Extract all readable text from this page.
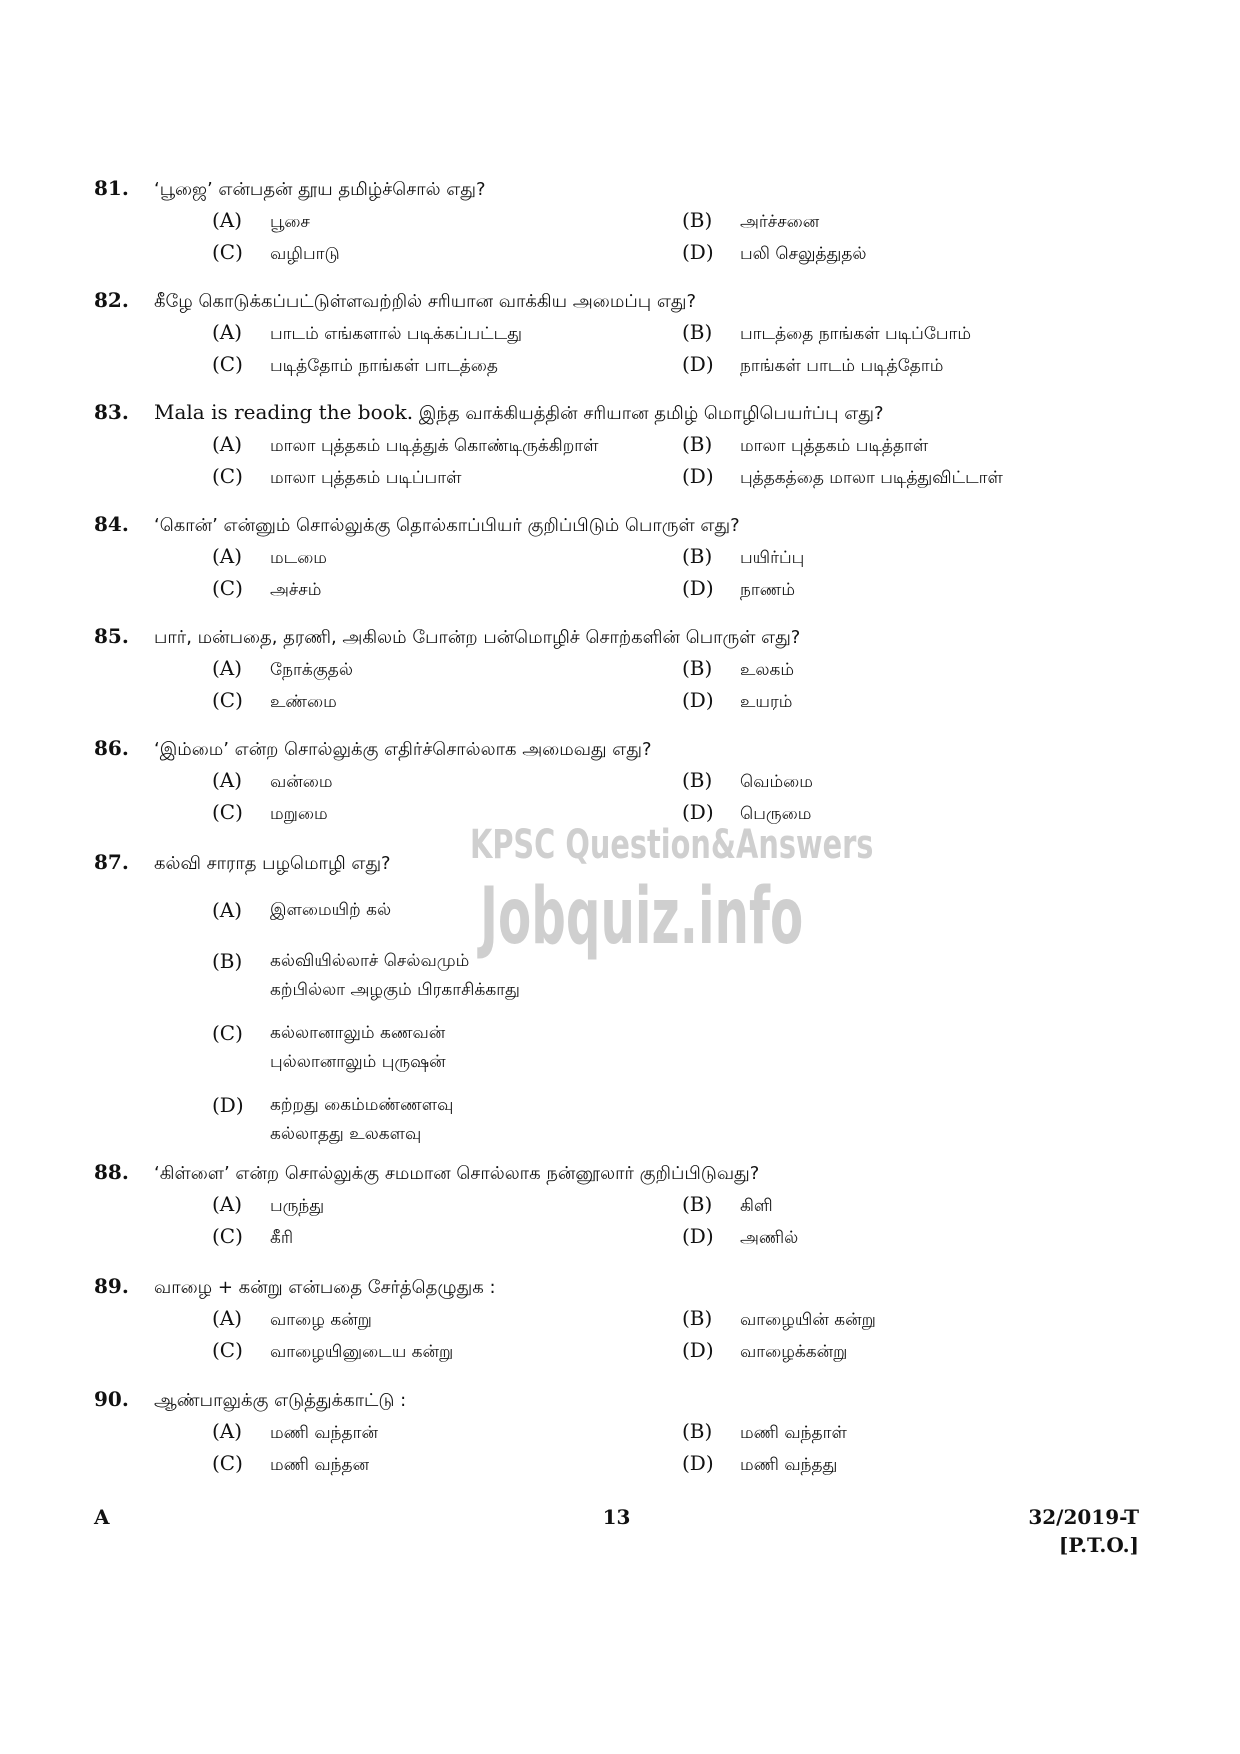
81.	‘பூஜை’ என்பதன் தூய தமிழ்ச்சொல் எது?
(A)	பூசை	(B)	அர்ச்சனை
(C)	வழிபாடு	(D)	பலி செலுத்துதல்
82.	கீழே கொடுக்கப்பட்டுள்ளவற்றில் சரியான வாக்கிய அமைப்பு எது?
(A)	பாடம் எங்களால் படிக்கப்பட்டது	(B)	பாடத்தை நாங்கள் படிப்போம்
(C)	படித்தோம் நாங்கள் பாடத்தை	(D)	நாங்கள் பாடம் படித்தோம்
83.	Mala is reading the book. இந்த வாக்கியத்தின் சரியான தமிழ் மொழிபெயர்ப்பு எது?
(A)	மாலா புத்தகம் படித்துக் கொண்டிருக்கிறாள்	(B)	மாலா புத்தகம் படித்தாள்
(C)	மாலா புத்தகம் படிப்பாள்	(D)	புத்தகத்தை மாலா படித்துவிட்டாள்
84.	‘கொன்’ என்னும் சொல்லுக்கு தொல்காப்பியர் குறிப்பிடும் பொருள் எது?
(A)	மடமை	(B)	பயிர்ப்பு
(C)	அச்சம்	(D)	நாணம்
85.	பார், மன்பதை, தரணி, அகிலம் போன்ற பன்மொழிச் சொற்களின் பொருள் எது?
(A)	நோக்குதல்	(B)	உலகம்
(C)	உண்மை	(D)	உயரம்
86.	‘இம்மை’ என்ற சொல்லுக்கு எதிர்ச்சொல்லாக அமைவது எது?
(A)	வன்மை	(B)	வெம்மை
(C)	மறுமை	(D)	பெருமை
KPSC Question&Answers
Jobquiz.info
87.	கல்வி சாராத பழமொழி எது?
(A)	இளமையிற் கல்
(B)	கல்வியில்லாச் செல்வமும்
கற்பில்லா அழகும் பிரகாசிக்காது
(C)	கல்லானாலும் கணவன்
புல்லானாலும் புருஷன்
(D)	கற்றது கைம்மண்ணளவு
கல்லாதது உலகளவு
88.	‘கிள்ளை’ என்ற சொல்லுக்கு சமமான சொல்லாக நன்னூலார் குறிப்பிடுவது?
(A)	பருந்து	(B)	கிளி
(C)	கீரி	(D)	அணில்
89.	வாழை + கன்று என்பதை சேர்த்தெழுதுக :
(A)	வாழை கன்று	(B)	வாழையின் கன்று
(C)	வாழையினுடைய கன்று	(D)	வாழைக்கன்று
90.	ஆண்பாலுக்கு எடுத்துக்காட்டு :
(A)	மணி வந்தான்	(B)	மணி வந்தாள்
(C)	மணி வந்தன	(D)	மணி வந்தது
A	13	32/2019-T
[P.T.O.]
